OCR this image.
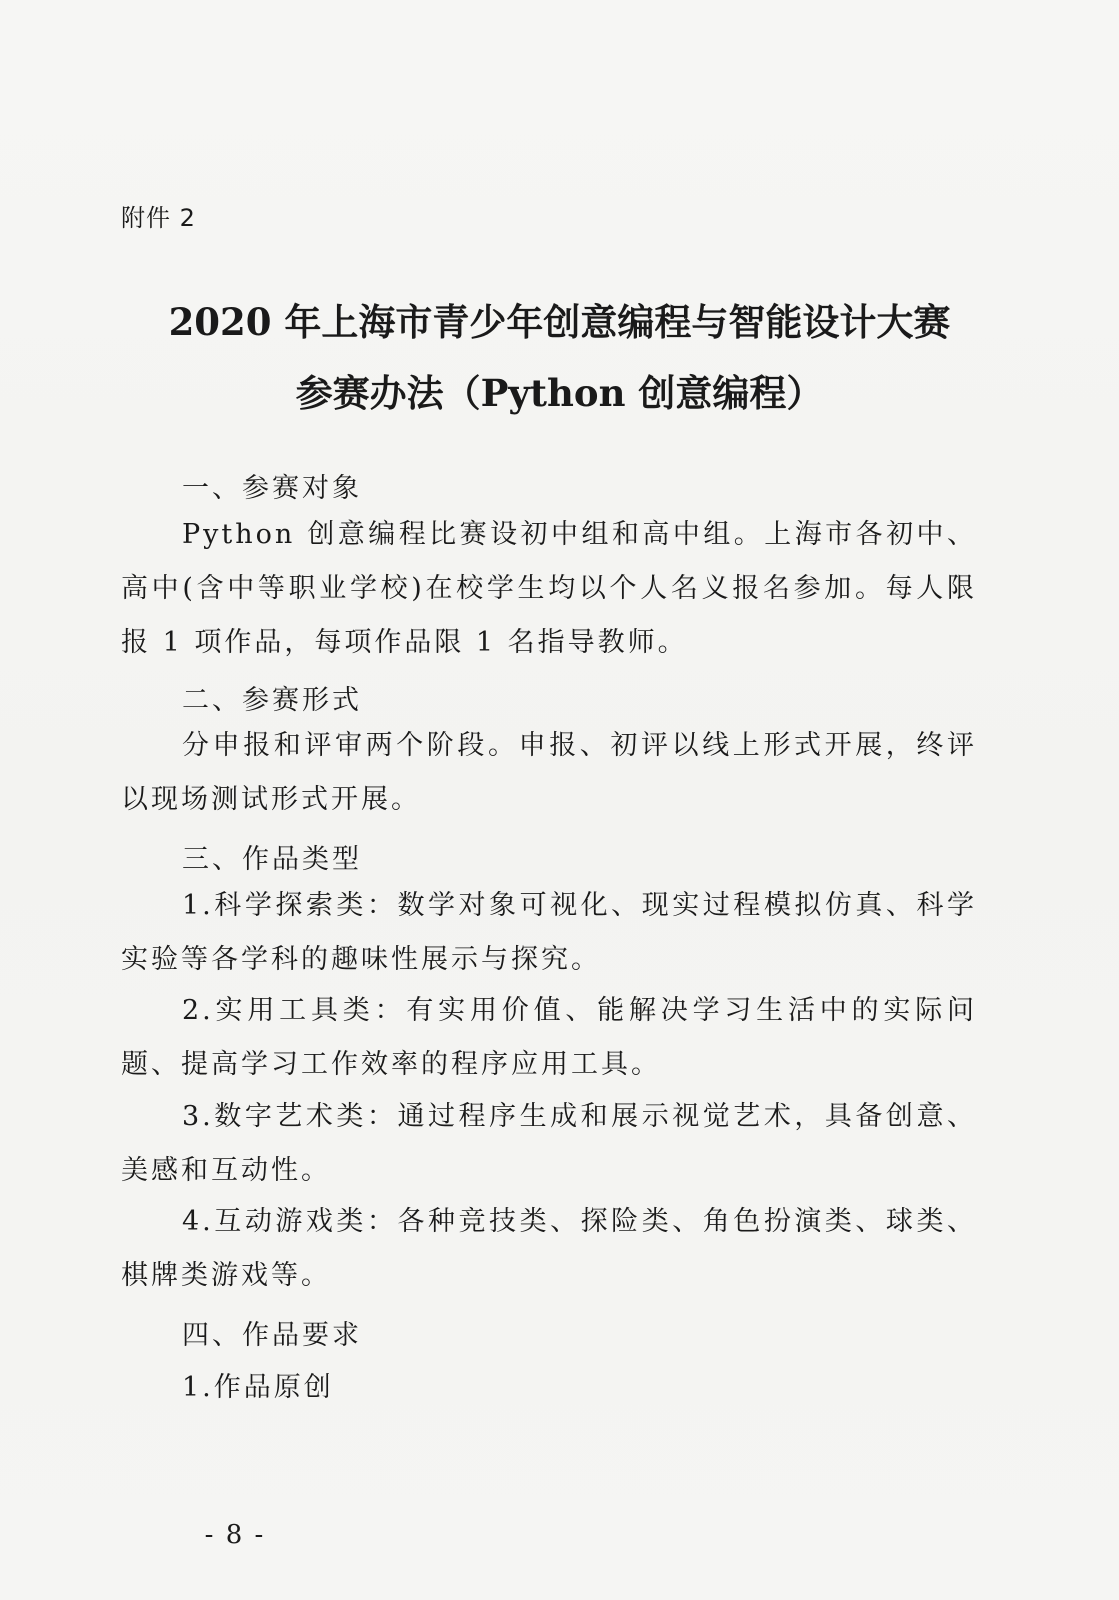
附件 2
2020 年上海市青少年创意编程与智能设计大赛
参赛办法（Python 创意编程）
一、参赛对象

Python 创意编程比赛设初中组和高中组。上海市各初中、高中(含中等职业学校)在校学生均以个人名义报名参加。每人限报 1 项作品，每项作品限 1 名指导教师。

二、参赛形式

分申报和评审两个阶段。申报、初评以线上形式开展，终评以现场测试形式开展。

三、作品类型

1.科学探索类：数学对象可视化、现实过程模拟仿真、科学实验等各学科的趣味性展示与探究。

2.实用工具类：有实用价值、能解决学习生活中的实际问题、提高学习工作效率的程序应用工具。

3.数字艺术类：通过程序生成和展示视觉艺术，具备创意、美感和互动性。

4.互动游戏类：各种竞技类、探险类、角色扮演类、球类、棋牌类游戏等。

四、作品要求
1.作品原创
- 8 -
